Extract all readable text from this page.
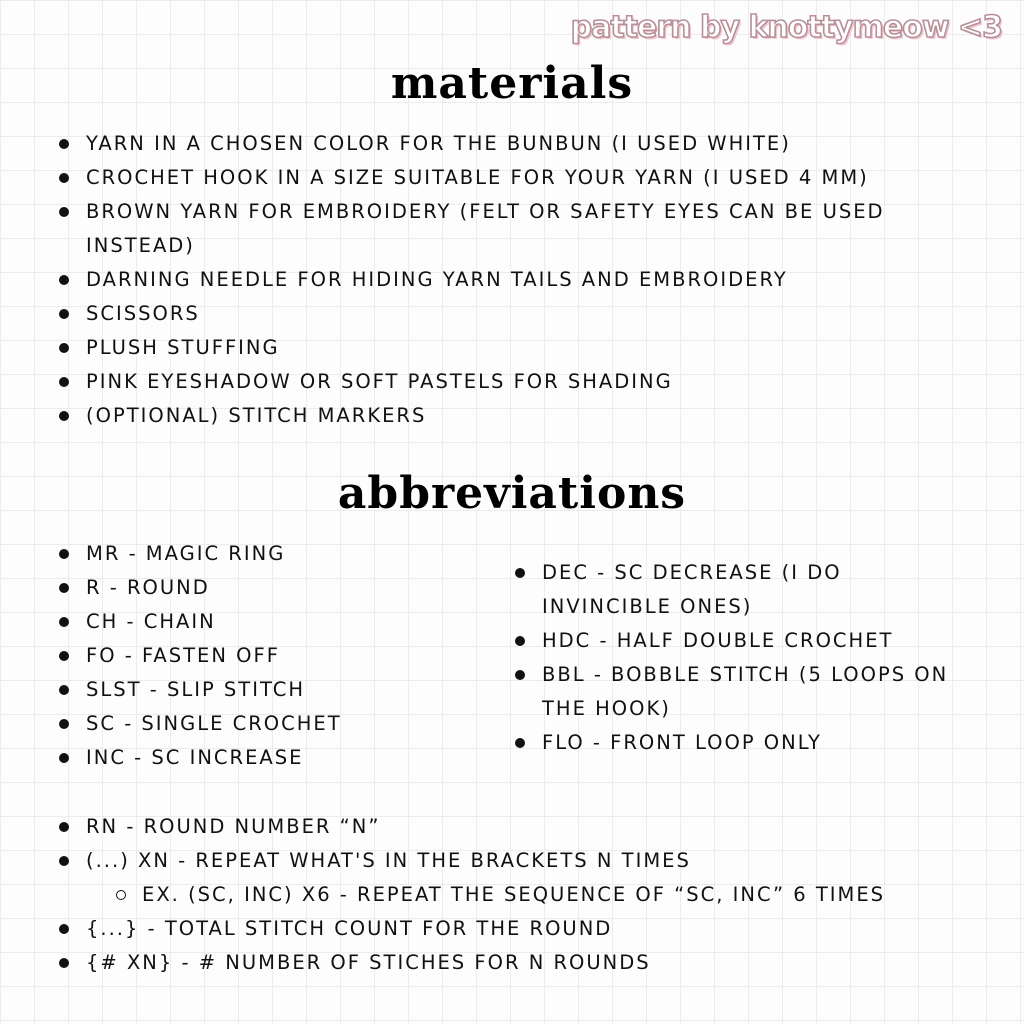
pattern by knottymeow <3
materials
YARN IN A CHOSEN COLOR FOR THE BUNBUN (I USED WHITE)
CROCHET HOOK IN A SIZE SUITABLE FOR YOUR YARN (I USED 4 MM)
BROWN YARN FOR EMBROIDERY (FELT OR SAFETY EYES CAN BE USED INSTEAD)
DARNING NEEDLE FOR HIDING YARN TAILS AND EMBROIDERY
SCISSORS
PLUSH STUFFING
PINK EYESHADOW OR SOFT PASTELS FOR SHADING
(OPTIONAL) STITCH MARKERS
abbreviations
MR - MAGIC RING
R - ROUND
CH - CHAIN
FO - FASTEN OFF
SLST - SLIP STITCH
SC - SINGLE CROCHET
INC - SC INCREASE
DEC - SC DECREASE (I DO INVINCIBLE ONES)
HDC - HALF DOUBLE CROCHET
BBL - BOBBLE STITCH (5 LOOPS ON THE HOOK)
FLO - FRONT LOOP ONLY
RN - ROUND NUMBER “N”
(...) XN - REPEAT WHAT'S IN THE BRACKETS N TIMES
EX. (SC, INC) X6 - REPEAT THE SEQUENCE OF “SC, INC” 6 TIMES
{...} - TOTAL STITCH COUNT FOR THE ROUND
{# XN} - # NUMBER OF STICHES FOR N ROUNDS
